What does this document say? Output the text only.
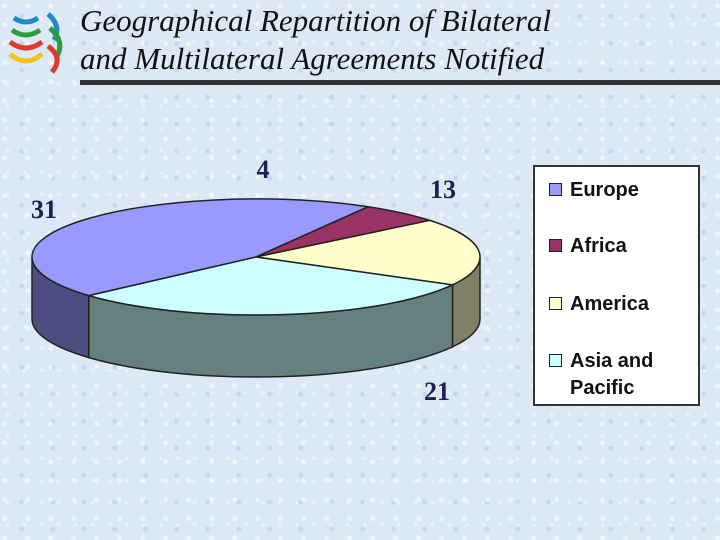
Geographical Repartition of Bilateral
and Multilateral Agreements Notified
31
4
13
21
Europe
Africa
America
Asia and
Pacific
